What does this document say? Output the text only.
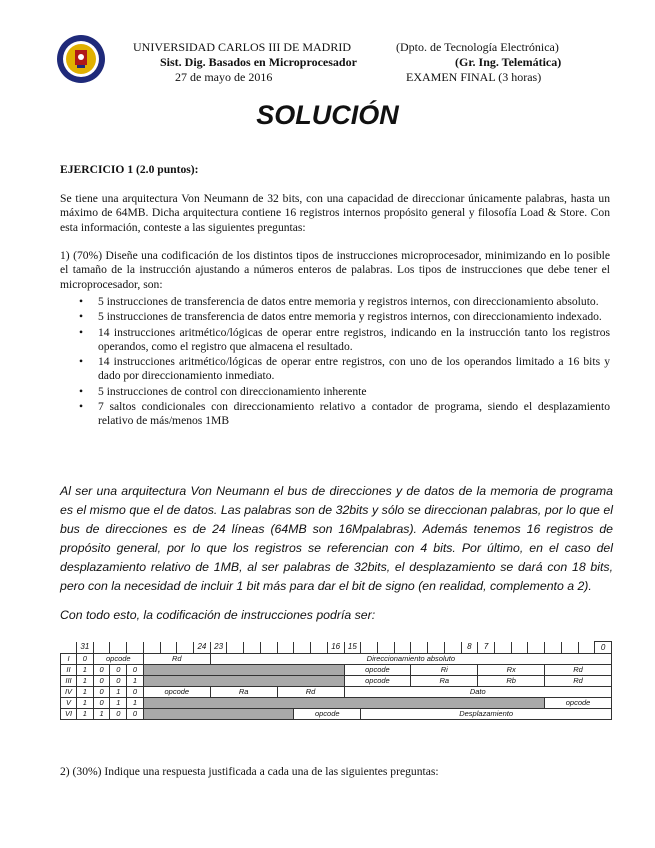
UNIVERSIDAD CARLOS III DE MADRID	(Dpto. de Tecnología Electrónica)
Sist. Dig. Basados en Microprocesador	(Gr. Ing. Telemática)
27 de mayo de 2016	EXAMEN FINAL (3 horas)
SOLUCIÓN
EJERCICIO 1 (2.0 puntos):
Se tiene una arquitectura Von Neumann de 32 bits, con una capacidad de direccionar únicamente palabras, hasta un máximo de 64MB. Dicha arquitectura contiene 16 registros internos propósito general y filosofía Load & Store. Con esta información, conteste a las siguientes preguntas:
1) (70%) Diseñe una codificación de los distintos tipos de instrucciones microprocesador, minimizando en lo posible el tamaño de la instrucción ajustando a números enteros de palabras. Los tipos de instrucciones que debe tener el microprocesador, son:
• 5 instrucciones de transferencia de datos entre memoria y registros internos, con direccionamiento absoluto.
• 5 instrucciones de transferencia de datos entre memoria y registros internos, con direccionamiento indexado.
• 14 instrucciones aritmético/lógicas de operar entre registros, indicando en la instrucción tanto los registros operandos, como el registro que almacena el resultado.
• 14 instrucciones aritmético/lógicas de operar entre registros, con uno de los operandos limitado a 16 bits y dado por direccionamiento inmediato.
• 5 instrucciones de control con direccionamiento inherente
• 7 saltos condicionales con direccionamiento relativo a contador de programa, siendo el desplazamiento relativo de más/menos 1MB
Al ser una arquitectura Von Neumann el bus de direcciones y de datos de la memoria de programa es el mismo que el de datos. Las palabras son de 32bits y sólo se direccionan palabras, por lo que el bus de direcciones es de 24 líneas (64MB son 16Mpalabras). Además tenemos 16 registros de propósito general, por lo que los registros se referencian con 4 bits. Por último, en el caso del desplazamiento relativo de 1MB, al ser palabras de 32bits, el desplazamiento se dará con 18 bits, pero con la necesidad de incluir 1 bit más para dar el bit de signo (en realidad, complemento a 2).
Con todo esto, la codificación de instrucciones podría ser:
	31							24	23							16	15							8	7							0
I	0	opcode			Rd				Direccionamiento absoluto																							
II	1	0	0	0													opcode				Ri				Rx				Rd			
III	1	0	0	1													opcode				Ra				Rb				Rd			
IV	1	0	1	0	opcode				Ra				Rd				Dato															
V	1	0	1	1																									opcode			
VI	1	1	0	0										opcode				Desplazamiento														
2) (30%) Indique una respuesta justificada a cada una de las siguientes preguntas:
